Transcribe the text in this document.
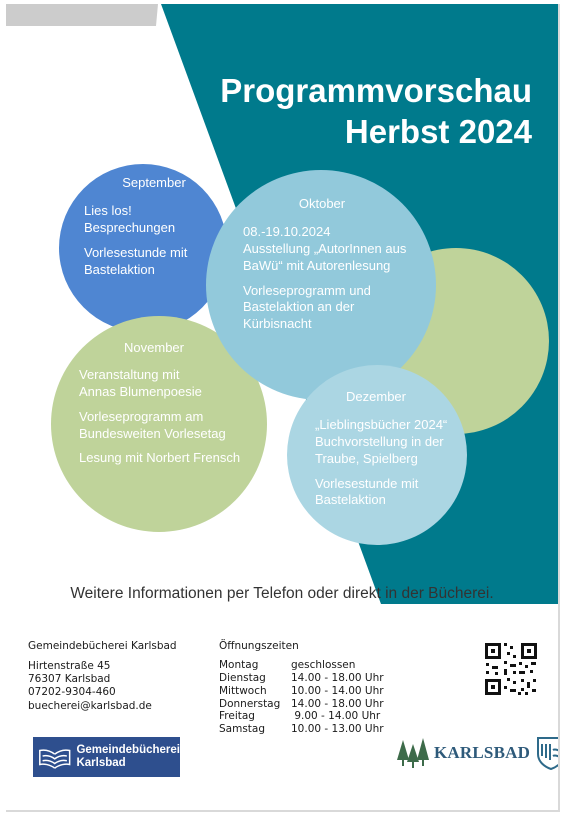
Programmvorschau
Herbst 2024
September

Lies los!
Besprechungen

Vorlesestunde mit
Bastelaktion

Oktober

08.-19.10.2024
Ausstellung „AutorInnen aus
BaWü“ mit Autorenlesung

Vorleseprogramm und
Bastelaktion an der
Kürbisnacht

November

Veranstaltung mit
Annas Blumenpoesie

Vorleseprogramm am
Bundesweiten Vorlesetag

Lesung mit Norbert Frensch

Dezember

„Lieblingsbücher 2024“
Buchvorstellung in der
Traube, Spielberg

Vorlesestunde mit
Bastelaktion

Weitere Informationen per Telefon oder direkt in der Bücherei.
Gemeindebücherei Karlsbad
Hirtenstraße 45
76307 Karlsbad
07202-9304-460
buecherei@karlsbad.de
Öffnungszeiten
Montag	geschlossen
Dienstag	14.00 - 18.00 Uhr
Mittwoch	10.00 - 14.00 Uhr
Donnerstag	14.00 - 18.00 Uhr
Freitag	9.00 - 14.00 Uhr
Samstag	10.00 - 13.00 Uhr
Gemeindebücherei
Karlsbad
KARLSBAD
